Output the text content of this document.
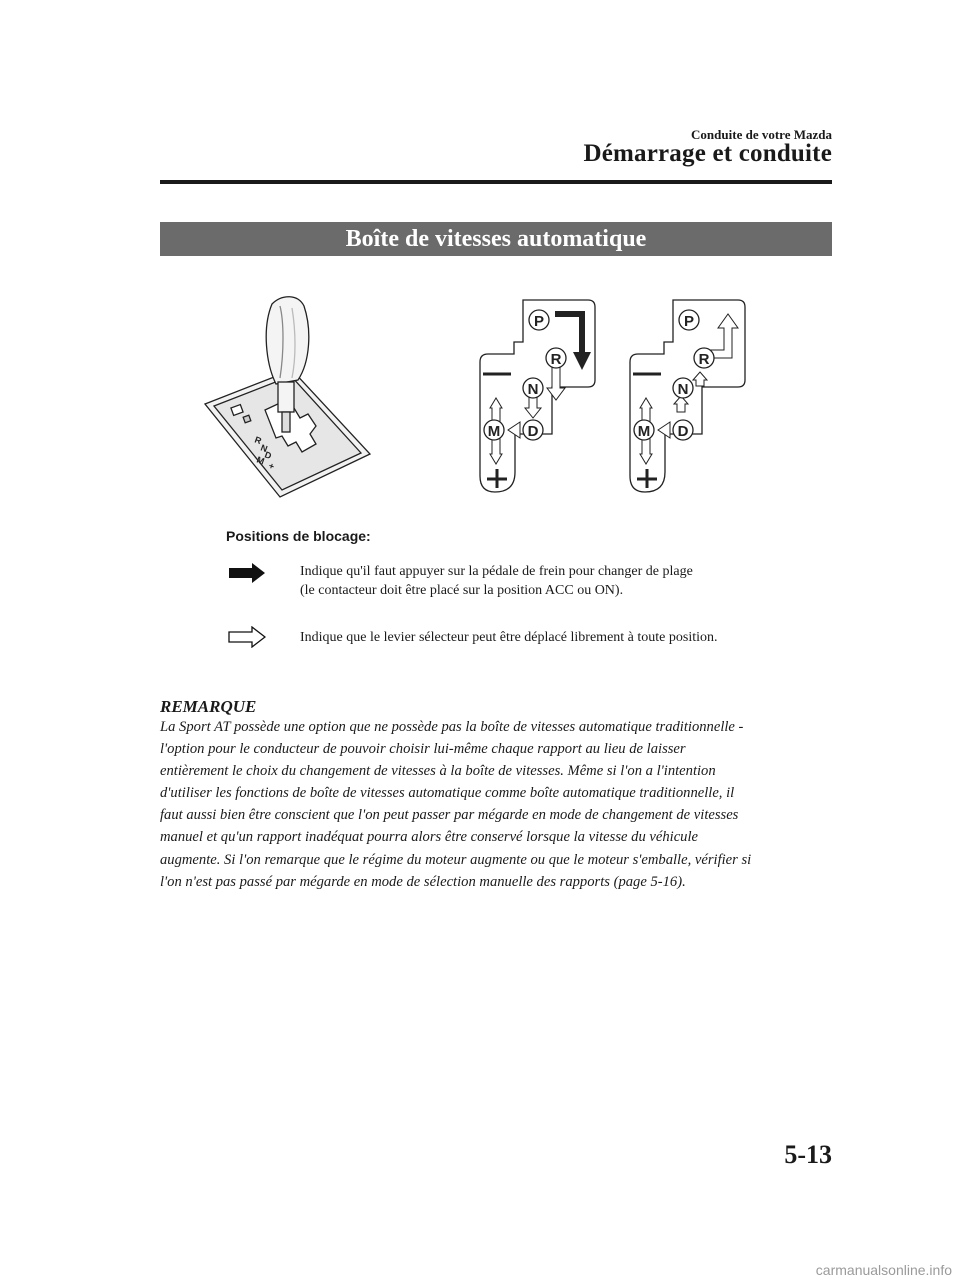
Conduite de votre Mazda
Démarrage et conduite
Boîte de vitesses automatique
R
N
D
M +
P
R
N
M D
P
R
N
M D
Positions de blocage:
Indique qu'il faut appuyer sur la pédale de frein pour changer de plage
(le contacteur doit être placé sur la position ACC ou ON).
Indique que le levier sélecteur peut être déplacé librement à toute position.
REMARQUE
La Sport AT possède une option que ne possède pas la boîte de vitesses automatique traditionnelle -
l'option pour le conducteur de pouvoir choisir lui-même chaque rapport au lieu de laisser
entièrement le choix du changement de vitesses à la boîte de vitesses. Même si l'on a l'intention
d'utiliser les fonctions de boîte de vitesses automatique comme boîte automatique traditionnelle, il
faut aussi bien être conscient que l'on peut passer par mégarde en mode de changement de vitesses
manuel et qu'un rapport inadéquat pourra alors être conservé lorsque la vitesse du véhicule
augmente. Si l'on remarque que le régime du moteur augmente ou que le moteur s'emballe, vérifier si
l'on n'est pas passé par mégarde en mode de sélection manuelle des rapports (page 5-16).
5-13
carmanualsonline.info
